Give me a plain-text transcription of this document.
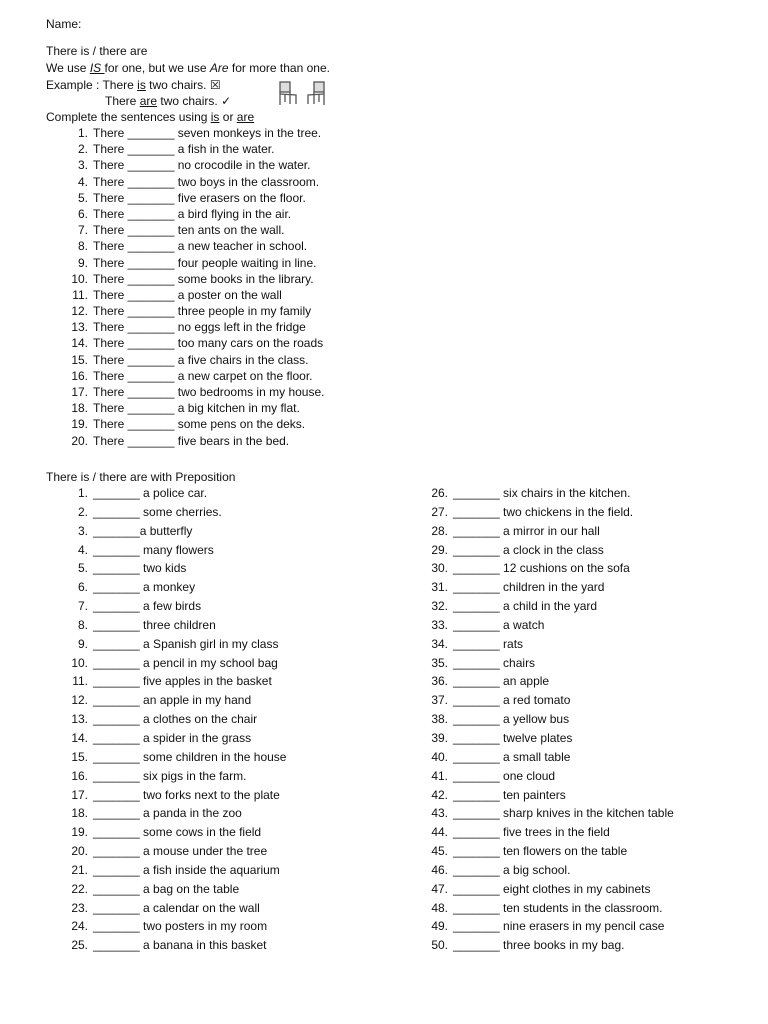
Name:
There is / there are
We use IS for one, but we use Are for more than one.
Example : There is two chairs. ☒
There are two chairs. ✓
Complete the sentences using is or are
1. There _______ seven monkeys in the tree.
2. There _______ a fish in the water.
3. There _______ no crocodile in the water.
4. There _______ two boys in the classroom.
5. There _______ five erasers on the floor.
6. There _______ a bird flying in the air.
7. There _______ ten ants on the wall.
8. There _______ a new teacher in school.
9. There _______ four people waiting in line.
10. There _______ some books in the library.
11. There _______ a poster on the wall
12. There _______ three people in my family
13. There _______ no eggs left in the fridge
14. There _______ too many cars on the roads
15. There _______ a five chairs in the class.
16. There _______ a new carpet on the floor.
17. There _______ two bedrooms in my house.
18. There _______ a big kitchen in my flat.
19. There _______ some pens on the deks.
20. There _______ five bears in the bed.
There is / there are with Preposition
1. _______ a police car.
2. _______ some cherries.
3. _______a butterfly
4. _______ many flowers
5. _______ two kids
6. _______ a monkey
7. _______ a few birds
8. _______ three children
9. _______ a Spanish girl in my class
10. _______ a pencil in my school bag
11. _______ five apples in the basket
12. _______ an apple in my hand
13. _______ a clothes on the chair
14. _______ a spider in the grass
15. _______ some children in the house
16. _______ six pigs in the farm.
17. _______ two forks next to the plate
18. _______ a panda in the zoo
19. _______ some cows in the field
20. _______ a mouse under the tree
21. _______ a fish inside the aquarium
22. _______ a bag on the table
23. _______ a calendar on the wall
24. _______ two posters in my room
25. _______ a banana in this basket
26. _______ six chairs in the kitchen.
27. _______ two chickens in the field.
28. _______ a mirror in our hall
29. _______ a clock in the class
30. _______ 12 cushions on the sofa
31. _______ children in the yard
32. _______ a child in the yard
33. _______ a watch
34. _______ rats
35. _______ chairs
36. _______ an apple
37. _______ a red tomato
38. _______ a yellow bus
39. _______ twelve plates
40. _______ a small table
41. _______ one cloud
42. _______ ten painters
43. _______ sharp knives in the kitchen table
44. _______ five trees in the field
45. _______ ten flowers on the table
46. _______ a big school.
47. _______ eight clothes in my cabinets
48. _______ ten students in the classroom.
49. _______ nine erasers in my pencil case
50. _______ three books in my bag.
